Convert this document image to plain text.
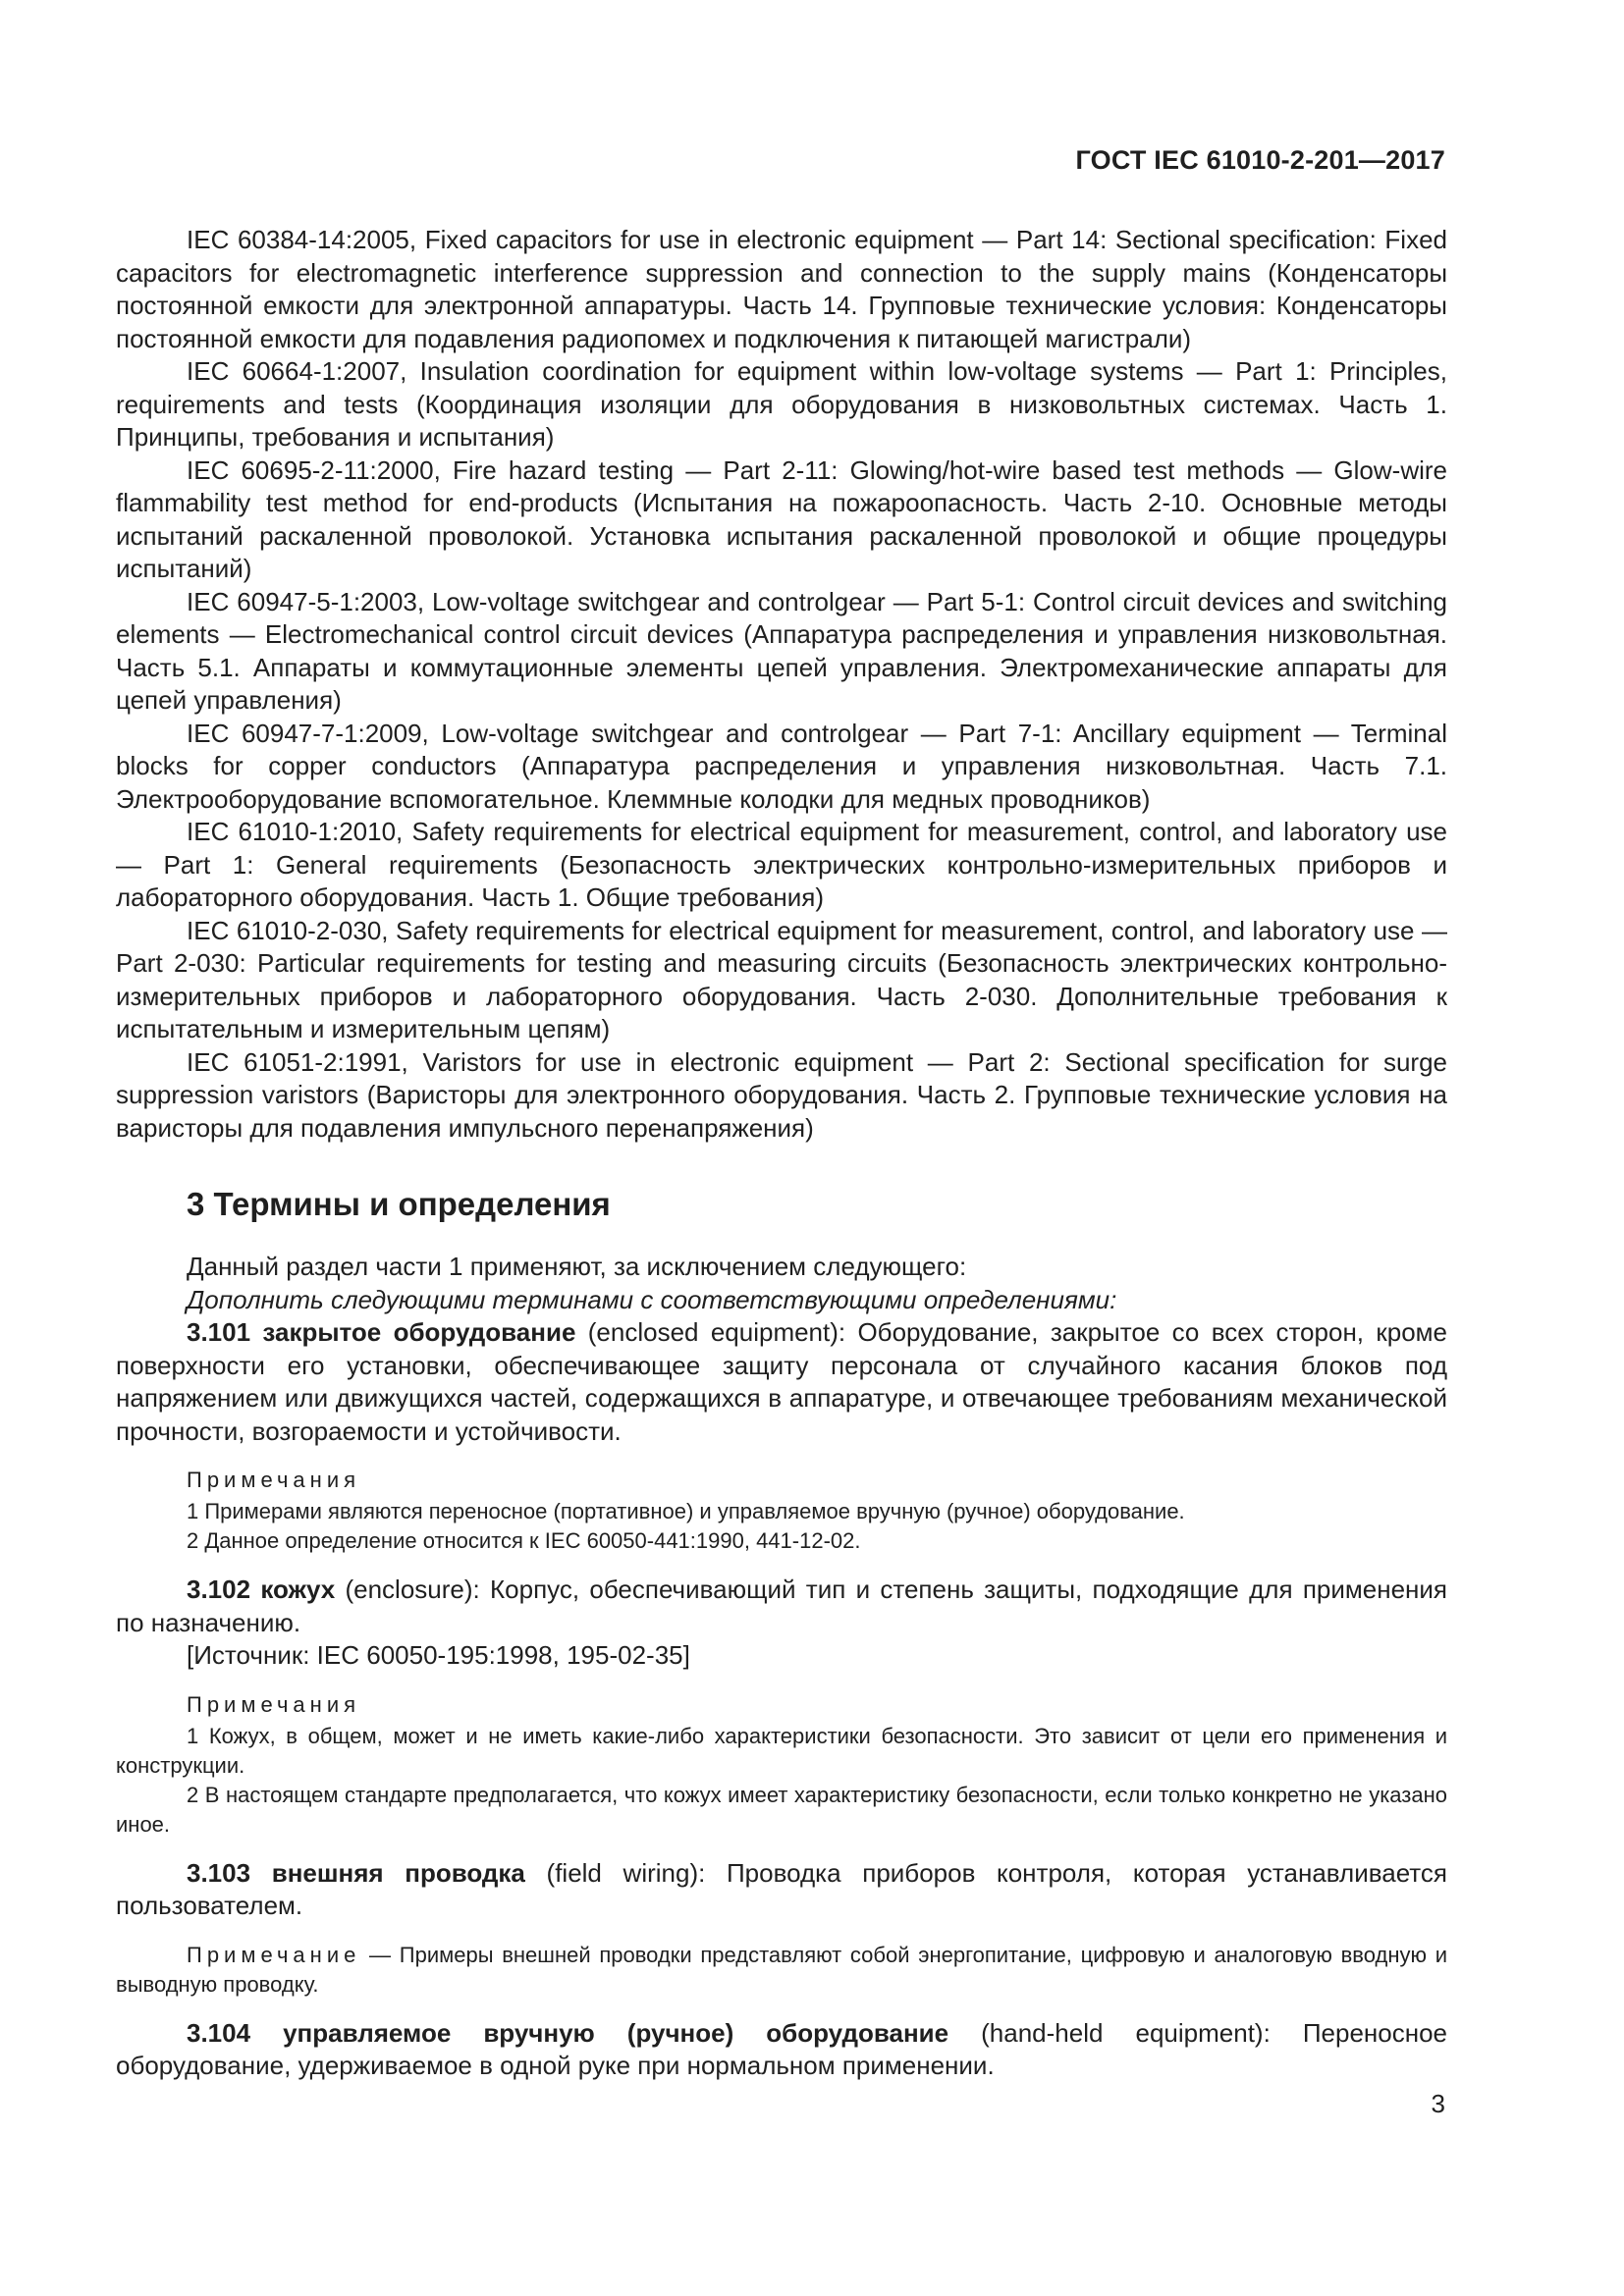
ГОСТ IEC 61010-2-201—2017

IEC 60384-14:2005, Fixed capacitors for use in electronic equipment — Part 14: Sectional specification: Fixed capacitors for electromagnetic interference suppression and connection to the supply mains (Конденсаторы постоянной емкости для электронной аппаратуры. Часть 14. Групповые технические условия: Конденсаторы постоянной емкости для подавления радиопомех и подключения к питающей магистрали)

IEC 60664-1:2007, Insulation coordination for equipment within low-voltage systems — Part 1: Principles, requirements and tests (Координация изоляции для оборудования в низковольтных системах. Часть 1. Принципы, требования и испытания)

IEC 60695-2-11:2000, Fire hazard testing — Part 2-11: Glowing/hot-wire based test methods — Glow-wire flammability test method for end-products (Испытания на пожароопасность. Часть 2-10. Основные методы испытаний раскаленной проволокой. Установка испытания раскаленной проволокой и общие процедуры испытаний)

IEC 60947-5-1:2003, Low-voltage switchgear and controlgear — Part 5-1: Control circuit devices and switching elements — Electromechanical control circuit devices (Аппаратура распределения и управления низковольтная. Часть 5.1. Аппараты и коммутационные элементы цепей управления. Электромеханические аппараты для цепей управления)

IEC 60947-7-1:2009, Low-voltage switchgear and controlgear — Part 7-1: Ancillary equipment — Terminal blocks for copper conductors (Аппаратура распределения и управления низковольтная. Часть 7.1. Электрооборудование вспомогательное. Клеммные колодки для медных проводников)

IEC 61010-1:2010, Safety requirements for electrical equipment for measurement, control, and laboratory use — Part 1: General requirements (Безопасность электрических контрольно-измерительных приборов и лабораторного оборудования. Часть 1. Общие требования)

IEC 61010-2-030, Safety requirements for electrical equipment for measurement, control, and laboratory use — Part 2-030: Particular requirements for testing and measuring circuits (Безопасность электрических контрольно-измерительных приборов и лабораторного оборудования. Часть 2-030. Дополнительные требования к испытательным и измерительным цепям)

IEC 61051-2:1991, Varistors for use in electronic equipment — Part 2: Sectional specification for surge suppression varistors (Варисторы для электронного оборудования. Часть 2. Групповые технические условия на варисторы для подавления импульсного перенапряжения)

3 Термины и определения

Данный раздел части 1 применяют, за исключением следующего:

Дополнить следующими терминами с соответствующими определениями:

3.101 закрытое оборудование (enclosed equipment): Оборудование, закрытое со всех сторон, кроме поверхности его установки, обеспечивающее защиту персонала от случайного касания блоков под напряжением или движущихся частей, содержащихся в аппаратуре, и отвечающее требованиям механической прочности, возгораемости и устойчивости.

Примечания

1 Примерами являются переносное (портативное) и управляемое вручную (ручное) оборудование.

2 Данное определение относится к IEC 60050-441:1990, 441-12-02.

3.102 кожух (enclosure): Корпус, обеспечивающий тип и степень защиты, подходящие для применения по назначению.

[Источник: IEC 60050-195:1998, 195-02-35]

Примечания

1 Кожух, в общем, может и не иметь какие-либо характеристики безопасности. Это зависит от цели его применения и конструкции.

2 В настоящем стандарте предполагается, что кожух имеет характеристику безопасности, если только конкретно не указано иное.

3.103 внешняя проводка (field wiring): Проводка приборов контроля, которая устанавливается пользователем.

Примечание — Примеры внешней проводки представляют собой энергопитание, цифровую и аналоговую вводную и выводную проводку.

3.104 управляемое вручную (ручное) оборудование (hand-held equipment): Переносное оборудование, удерживаемое в одной руке при нормальном применении.

3
